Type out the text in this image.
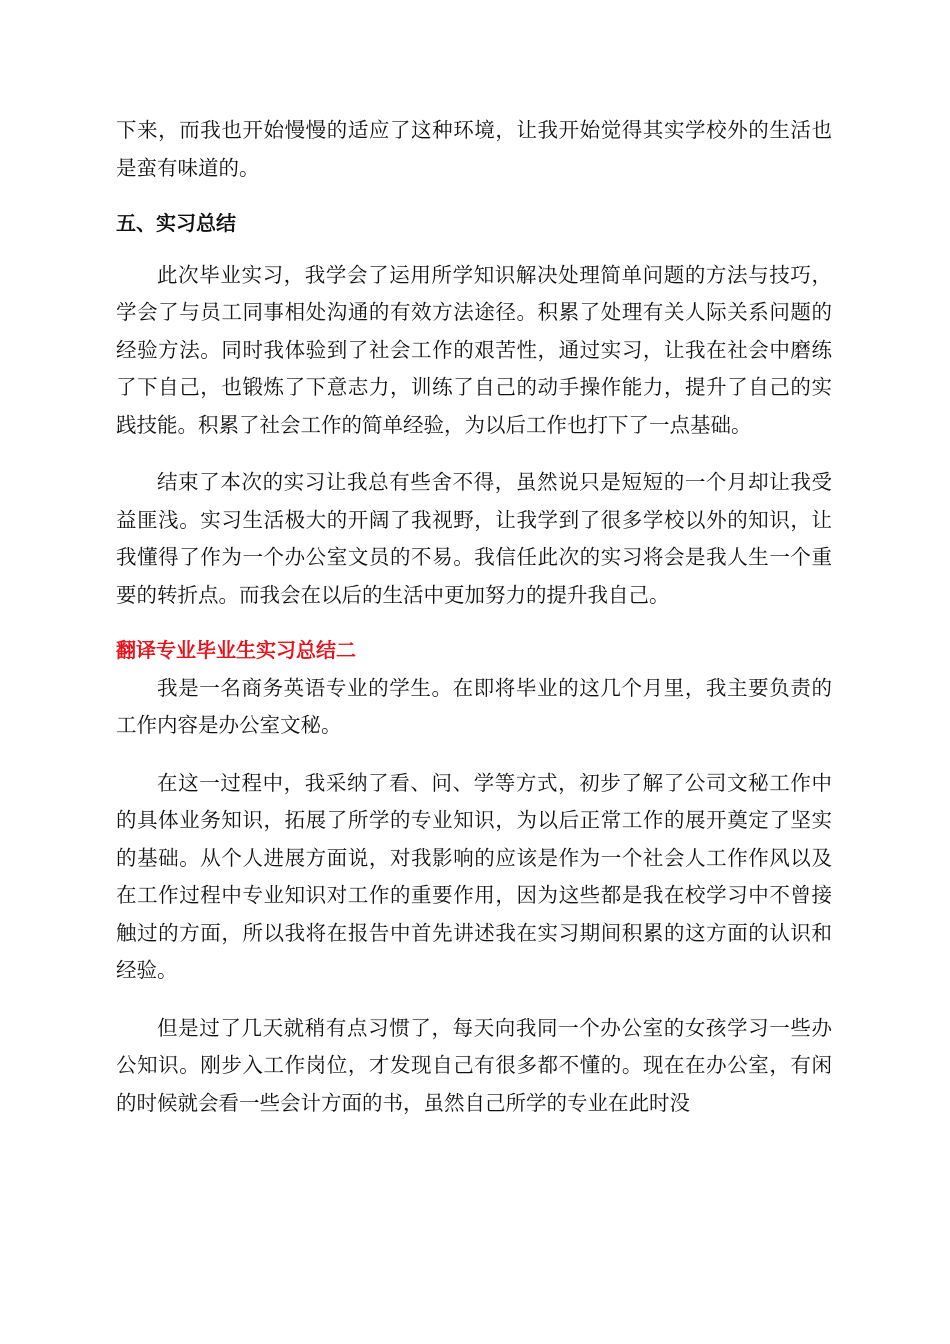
下来，而我也开始慢慢的适应了这种环境，让我开始觉得其实学校外的生活也是蛮有味道的。

五、实习总结

此次毕业实习，我学会了运用所学知识解决处理简单问题的方法与技巧，学会了与员工同事相处沟通的有效方法途径。积累了处理有关人际关系问题的经验方法。同时我体验到了社会工作的艰苦性，通过实习，让我在社会中磨练了下自己，也锻炼了下意志力，训练了自己的动手操作能力，提升了自己的实践技能。积累了社会工作的简单经验，为以后工作也打下了一点基础。

结束了本次的实习让我总有些舍不得，虽然说只是短短的一个月却让我受益匪浅。实习生活极大的开阔了我视野，让我学到了很多学校以外的知识，让我懂得了作为一个办公室文员的不易。我信任此次的实习将会是我人生一个重要的转折点。而我会在以后的生活中更加努力的提升我自己。

翻译专业毕业生实习总结二

我是一名商务英语专业的学生。在即将毕业的这几个月里，我主要负责的工作内容是办公室文秘。

在这一过程中，我采纳了看、问、学等方式，初步了解了公司文秘工作中的具体业务知识，拓展了所学的专业知识，为以后正常工作的展开奠定了坚实的基础。从个人进展方面说，对我影响的应该是作为一个社会人工作作风以及在工作过程中专业知识对工作的重要作用，因为这些都是我在校学习中不曾接触过的方面，所以我将在报告中首先讲述我在实习期间积累的这方面的认识和经验。

但是过了几天就稍有点习惯了，每天向我同一个办公室的女孩学习一些办公知识。刚步入工作岗位，才发现自己有很多都不懂的。现在在办公室，有闲的时候就会看一些会计方面的书，虽然自己所学的专业在此时没
